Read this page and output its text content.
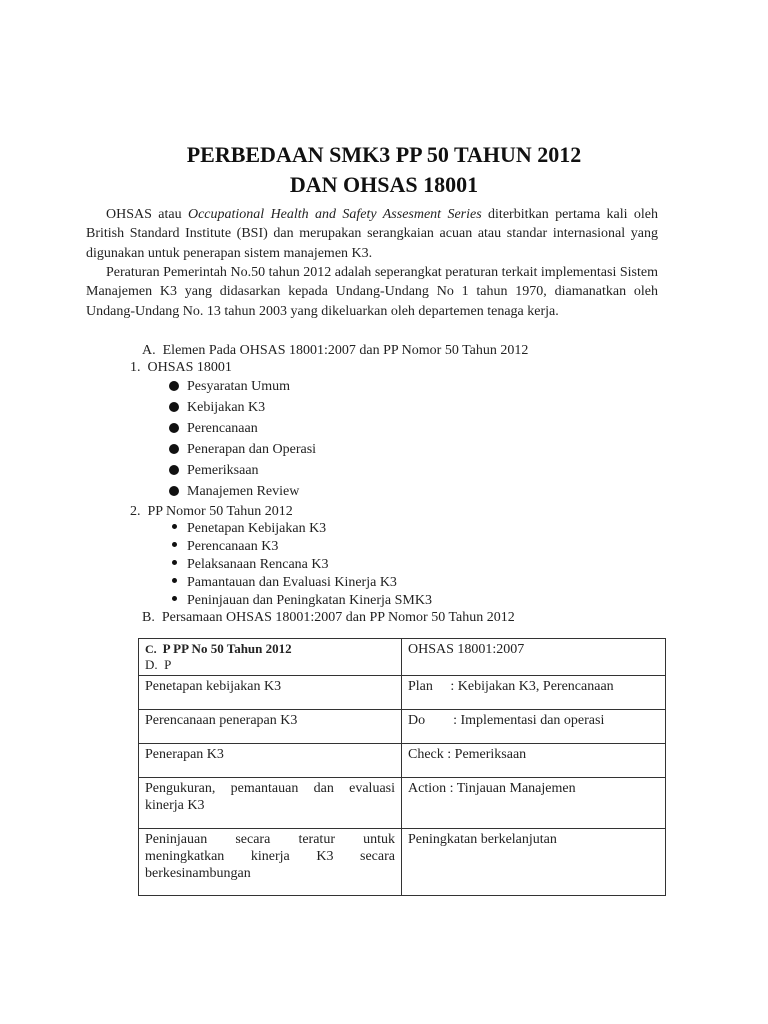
PERBEDAAN SMK3 PP 50 TAHUN 2012
DAN OHSAS 18001

OHSAS atau Occupational Health and Safety Assesment Series diterbitkan pertama kali oleh British Standard Institute (BSI) dan merupakan serangkaian acuan atau standar internasional yang digunakan untuk penerapan sistem manajemen K3.

Peraturan Pemerintah No.50 tahun 2012 adalah seperangkat peraturan terkait implementasi Sistem Manajemen K3 yang didasarkan kepada Undang-Undang No 1 tahun 1970, diamanatkan oleh Undang-Undang No. 13 tahun 2003 yang dikeluarkan oleh departemen tenaga kerja.

A. Elemen Pada OHSAS 18001:2007 dan PP Nomor 50 Tahun 2012
1. OHSAS 18001
Pesyaratan Umum
Kebijakan K3
Perencanaan
Penerapan dan Operasi
Pemeriksaan
Manajemen Review
2. PP Nomor 50 Tahun 2012
Penetapan Kebijakan K3
Perencanaan K3
Pelaksanaan Rencana K3
Pamantauan dan Evaluasi Kinerja K3
Peninjauan dan Peningkatan Kinerja SMK3
B. Persamaan OHSAS 18001:2007 dan PP Nomor 50 Tahun 2012
C. P PP No 50 Tahun 2012
D. P	OHSAS 18001:2007
Penetapan kebijakan K3	Plan     : Kebijakan K3, Perencanaan
Perencanaan penerapan K3	Do        : Implementasi dan operasi
Penerapan K3	Check : Pemeriksaan
Pengukuran, pemantauan dan evaluasi kinerja K3	Action : Tinjauan Manajemen
Peninjauan secara teratur untuk meningkatkan kinerja K3 secara berkesinambungan	Peningkatan berkelanjutan
